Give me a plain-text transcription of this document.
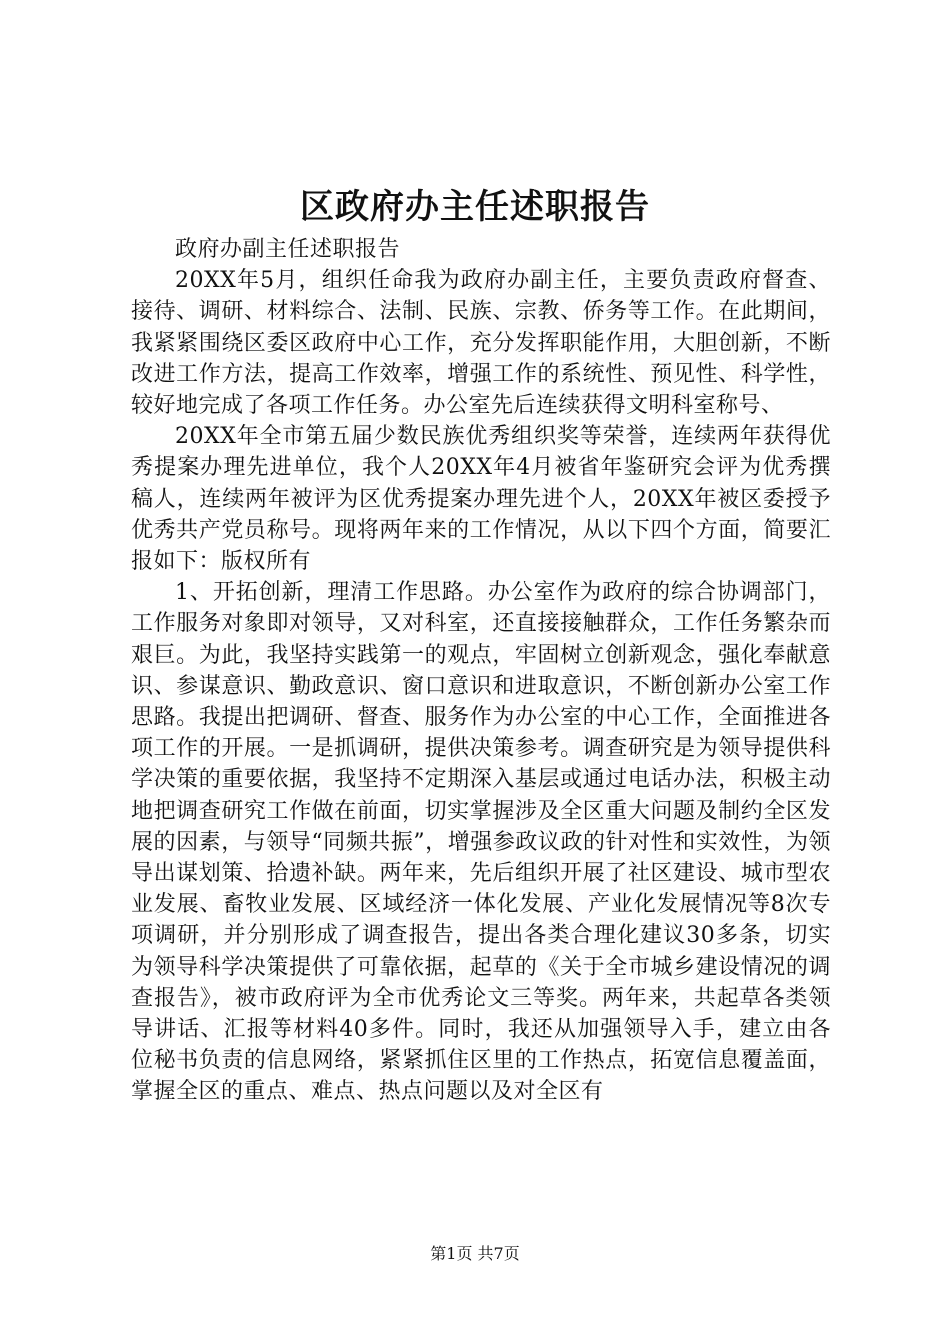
区政府办主任述职报告

政府办副主任述职报告

20XX年5月，组织任命我为政府办副主任，主要负责政府督查、接待、调研、材料综合、法制、民族、宗教、侨务等工作。在此期间，我紧紧围绕区委区政府中心工作，充分发挥职能作用，大胆创新，不断改进工作方法，提高工作效率，增强工作的系统性、预见性、科学性，较好地完成了各项工作任务。办公室先后连续获得文明科室称号、

20XX年全市第五届少数民族优秀组织奖等荣誉，连续两年获得优秀提案办理先进单位，我个人20XX年4月被省年鉴研究会评为优秀撰稿人，连续两年被评为区优秀提案办理先进个人，20XX年被区委授予优秀共产党员称号。现将两年来的工作情况，从以下四个方面，简要汇报如下：版权所有

1、开拓创新，理清工作思路。办公室作为政府的综合协调部门，工作服务对象即对领导，又对科室，还直接接触群众，工作任务繁杂而艰巨。为此，我坚持实践第一的观点，牢固树立创新观念，强化奉献意识、参谋意识、勤政意识、窗口意识和进取意识，不断创新办公室工作思路。我提出把调研、督查、服务作为办公室的中心工作，全面推进各项工作的开展。一是抓调研，提供决策参考。调查研究是为领导提供科学决策的重要依据，我坚持不定期深入基层或通过电话办法，积极主动地把调查研究工作做在前面，切实掌握涉及全区重大问题及制约全区发展的因素，与领导“同频共振”，增强参政议政的针对性和实效性，为领导出谋划策、拾遗补缺。两年来，先后组织开展了社区建设、城市型农业发展、畜牧业发展、区域经济一体化发展、产业化发展情况等8次专项调研，并分别形成了调查报告，提出各类合理化建议30多条，切实为领导科学决策提供了可靠依据，起草的《关于全市城乡建设情况的调查报告》，被市政府评为全市优秀论文三等奖。两年来，共起草各类领导讲话、汇报等材料40多件。同时，我还从加强领导入手，建立由各位秘书负责的信息网络，紧紧抓住区里的工作热点，拓宽信息覆盖面，掌握全区的重点、难点、热点问题以及对全区有

第1页 共7页
